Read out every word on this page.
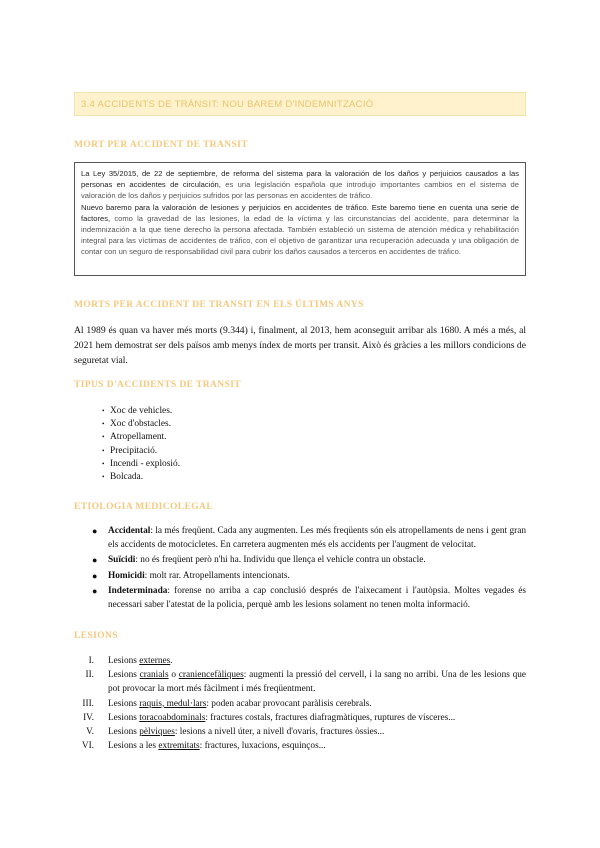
3.4 ACCIDENTS DE TRÀNSIT: NOU BAREM D'INDEMNITZACIÓ
MORT PER ACCIDENT DE TRANSIT

La Ley 35/2015, de 22 de septiembre, de reforma del sistema para la valoración de los daños y perjuicios causados a las personas en accidentes de circulación, es una legislación española que introdujo importantes cambios en el sistema de valoración de los daños y perjuicios sufridos por las personas en accidentes de tráfico.

Nuevo baremo para la valoración de lesiones y perjuicios en accidentes de tráfico. Este baremo tiene en cuenta una serie de factores, como la gravedad de las lesiones, la edad de la víctima y las circunstancias del accidente, para determinar la indemnización a la que tiene derecho la persona afectada. También estableció un sistema de atención médica y rehabilitación integral para las víctimas de accidentes de tráfico, con el objetivo de garantizar una recuperación adecuada y una obligación de contar con un seguro de responsabilidad civil para cubrir los daños causados a terceros en accidentes de tráfico.

MORTS PER ACCIDENT DE TRANSIT EN ELS ÚLTIMS ANYS

Al 1989 és quan va haver més morts (9.344) i, finalment, al 2013, hem aconseguit arribar als 1680. A més a més, al 2021 hem demostrat ser dels països amb menys índex de morts per transit. Això és gràcies a les millors condicions de seguretat vial.

TIPUS D'ACCIDENTS DE TRANSIT
• Xoc de vehicles.
• Xoc d'obstacles.
• Atropellament.
• Precipitació.
• Incendi - explosió.
• Bolcada.
ETIOLOGIA MEDICOLEGAL
● Accidental: la més freqüent. Cada any augmenten. Les més freqüents són els atropellaments de nens i gent gran els accidents de motocicletes. En carretera augmenten més els accidents per l'augment de velocitat.
● Suïcidi: no és freqüent però n'hi ha. Individu que llença el vehicle contra un obstacle.
● Homicidi: molt rar. Atropellaments intencionats.
● Indeterminada: forense no arriba a cap conclusió després de l'aixecament i l'autòpsia. Moltes vegades és necessari saber l'atestat de la policia, perquè amb les lesions solament no tenen molta informació.
LESIONS
I. Lesions externes.
II. Lesions cranials o craniencefàliques: augmenti la pressió del cervell, i la sang no arribi. Una de les lesions que pot provocar la mort més fàcilment i més freqüentment.
III. Lesions raquis, medul·lars: poden acabar provocant paràlisis cerebrals.
IV. Lesions toracoabdominals: fractures costals, fractures diafragmàtiques, ruptures de vísceres...
V. Lesions pèlviques: lesions a nivell úter, a nivell d'ovaris, fractures òssies...
VI. Lesions a les extremitats: fractures, luxacions, esquinços...
